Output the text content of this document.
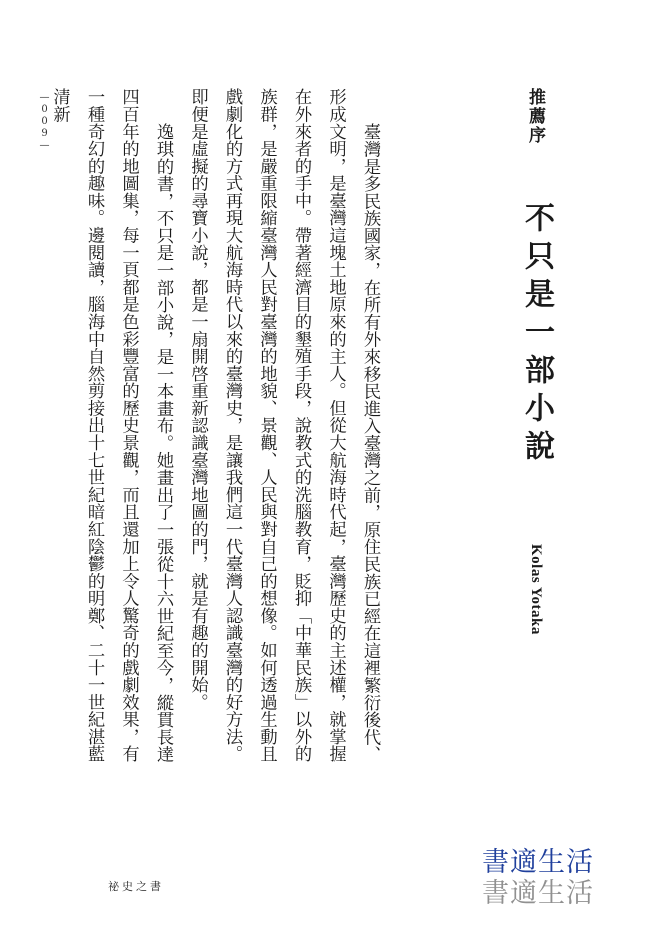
推薦序
不只是一部小說
Kolas Yotaka

臺灣是多民族國家，在所有外來移民進入臺灣之前，原住民族已經在這裡繁衍後代、形成文明，是臺灣這塊土地原來的主人。但從大航海時代起，臺灣歷史的主述權，就掌握在外來者的手中。帶著經濟目的墾殖手段，說教式的洗腦教育，貶抑「中華民族」以外的族群，是嚴重限縮臺灣人民對臺灣的地貌、景觀、人民與對自己的想像。如何透過生動且戲劇化的方式再現大航海時代以來的臺灣史，是讓我們這一代臺灣人認識臺灣的好方法。即便是虛擬的尋寶小說，都是一扇開啓重新認識臺灣地圖的門，就是有趣的開始。

逸琪的書，不只是一部小說，是一本畫布。她畫出了一張從十六世紀至今，縱貫長達四百年的地圖集，每一頁都是色彩豐富的歷史景觀，而且還加上令人驚奇的戲劇效果，有一種奇幻的趣味。邊閱讀，腦海中自然剪接出十七世紀暗紅陰鬱的明鄭、二十一世紀湛藍清新

—009—
祕史之書
書適生活
書適生活
